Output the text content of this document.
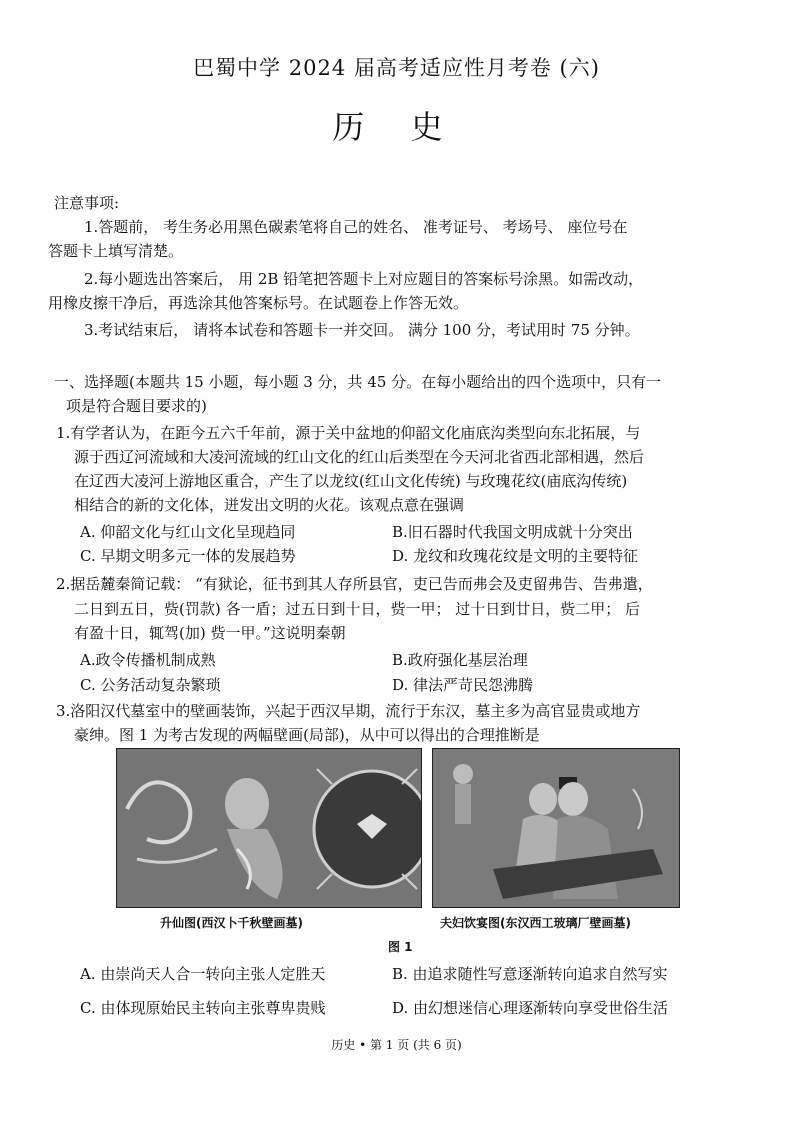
巴蜀中学 2024 届高考适应性月考卷 (六)
历 史
注意事项:
1.答题前， 考生务必用黑色碳素笔将自己的姓名、 准考证号、 考场号、 座位号在
答题卡上填写清楚。
2.每小题选出答案后， 用 2B 铅笔把答题卡上对应题目的答案标号涂黑。如需改动，
用橡皮擦干净后，再选涂其他答案标号。在试题卷上作答无效。
3.考试结束后， 请将本试卷和答题卡一并交回。 满分 100 分，考试用时 75 分钟。
一、选择题(本题共 15 小题，每小题 3 分，共 45 分。在每小题给出的四个选项中，只有一
项是符合题目要求的)
1.有学者认为，在距今五六千年前，源于关中盆地的仰韶文化庙底沟类型向东北拓展，与
源于西辽河流域和大凌河流域的红山文化的红山后类型在今天河北省西北部相遇，然后
在辽西大凌河上游地区重合，产生了以龙纹(红山文化传统) 与玫瑰花纹(庙底沟传统)
相结合的新的文化体，迸发出文明的火花。该观点意在强调
A. 仰韶文化与红山文化呈现趋同	B.旧石器时代我国文明成就十分突出
C. 早期文明多元一体的发展趋势	D. 龙纹和玫瑰花纹是文明的主要特征
2.据岳麓秦简记载： “有狱论，征书到其人存所县官，吏已告而弗会及吏留弗告、告弗遣，
二日到五日，赀(罚款) 各一盾；过五日到十日，赀一甲； 过十日到廿日，赀二甲； 后
有盈十日，辄驾(加) 赀一甲。”这说明秦朝
A.政令传播机制成熟	B.政府强化基层治理
C. 公务活动复杂繁琐	D. 律法严苛民怨沸腾
3.洛阳汉代墓室中的壁画装饰，兴起于西汉早期，流行于东汉，墓主多为高官显贵或地方
豪绅。图 1 为考古发现的两幅壁画(局部)，从中可以得出的合理推断是
升仙图(西汉卜千秋壁画墓)	夫妇饮宴图(东汉西工玻璃厂壁画墓)
图 1
A. 由崇尚天人合一转向主张人定胜天	B. 由追求随性写意逐渐转向追求自然写实
C. 由体现原始民主转向主张尊卑贵贱	D. 由幻想迷信心理逐渐转向享受世俗生活
历史 • 第 1 页 (共 6 页)
